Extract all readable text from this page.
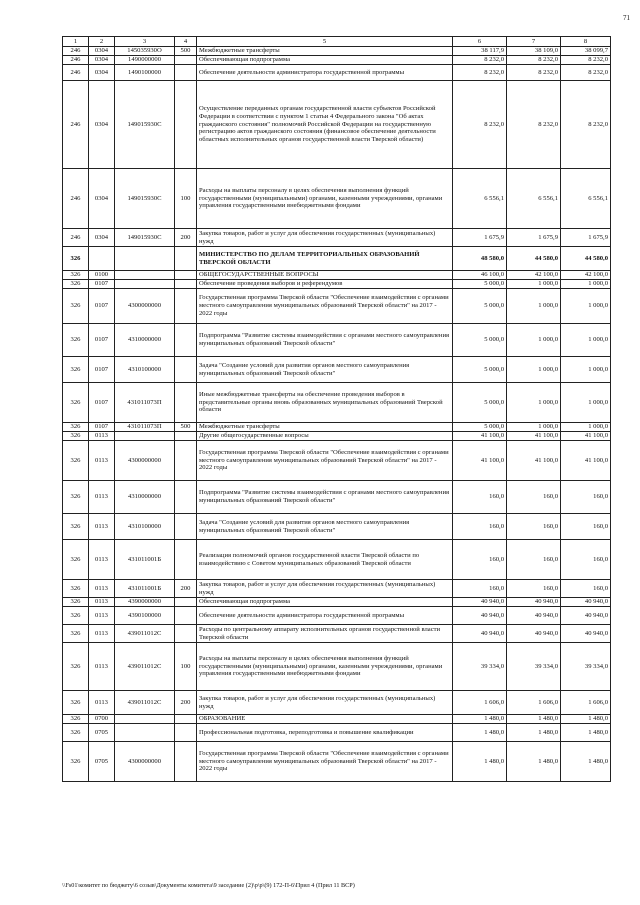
71
1	2	3	4	5	6	7	8
246	0304	145035930О	500	Межбюджетные трансферты	38 117,9	38 109,0	38 099,7
246	0304	1490000000		Обеспечивающая подпрограмма	8 232,0	8 232,0	8 232,0
246	0304	1490100000		Обеспечение деятельности администратора государственной программы	8 232,0	8 232,0	8 232,0
246	0304	149015930С		Осуществление переданных органам государственной власти субъектов Российской Федерации в соответствии с пунктом 1 статьи 4 Федерального закона "Об актах гражданского состояния" полномочий Российской Федерации на государственную регистрацию актов гражданского состояния (финансовое обеспечение деятельности областных исполнительных органов государственной власти Тверской области)	8 232,0	8 232,0	8 232,0
246	0304	149015930С	100	Расходы на выплаты персоналу в целях обеспечения выполнения функций государственными (муниципальными) органами, казенными учреждениями, органами управления государственными внебюджетными фондами	6 556,1	6 556,1	6 556,1
246	0304	149015930С	200	Закупка товаров, работ и услуг для обеспечения государственных (муниципальных) нужд	1 675,9	1 675,9	1 675,9
326				МИНИСТЕРСТВО ПО ДЕЛАМ ТЕРРИТОРИАЛЬНЫХ ОБРАЗОВАНИЙ ТВЕРСКОЙ ОБЛАСТИ	48 580,0	44 580,0	44 580,0
326	0100			ОБЩЕГОСУДАРСТВЕННЫЕ ВОПРОСЫ	46 100,0	42 100,0	42 100,0
326	0107			Обеспечение проведения выборов и референдумов	5 000,0	1 000,0	1 000,0
326	0107	4300000000		Государственная программа Тверской области "Обеспечение взаимодействия с органами местного самоуправления муниципальных образований Тверской области" на 2017 - 2022 годы	5 000,0	1 000,0	1 000,0
326	0107	4310000000		Подпрограмма "Развитие системы взаимодействия с органами местного самоуправления муниципальных образований Тверской области"	5 000,0	1 000,0	1 000,0
326	0107	4310100000		Задача "Создание условий для развития органов местного самоуправления муниципальных образований Тверской области"	5 000,0	1 000,0	1 000,0
326	0107	431011073П		Иные межбюджетные трансферты на обеспечение проведения выборов в представительные органы вновь образованных муниципальных образований Тверской области	5 000,0	1 000,0	1 000,0
326	0107	431011073П	500	Межбюджетные трансферты	5 000,0	1 000,0	1 000,0
326	0113			Другие общегосударственные вопросы	41 100,0	41 100,0	41 100,0
326	0113	4300000000		Государственная программа Тверской области "Обеспечение взаимодействия с органами местного самоуправления муниципальных образований Тверской области" на 2017 - 2022 годы	41 100,0	41 100,0	41 100,0
326	0113	4310000000		Подпрограмма "Развитие системы взаимодействия с органами местного самоуправления муниципальных образований Тверской области"	160,0	160,0	160,0
326	0113	4310100000		Задача "Создание условий для развития органов местного самоуправления муниципальных образований Тверской области"	160,0	160,0	160,0
326	0113	431011001Б		Реализация полномочий органов государственной власти Тверской области по взаимодействию с Советом муниципальных образований Тверской области	160,0	160,0	160,0
326	0113	431011001Б	200	Закупка товаров, работ и услуг для обеспечения государственных (муниципальных) нужд	160,0	160,0	160,0
326	0113	4390000000		Обеспечивающая подпрограмма	40 940,0	40 940,0	40 940,0
326	0113	4390100000		Обеспечение деятельности администратора государственной программы	40 940,0	40 940,0	40 940,0
326	0113	439011012С		Расходы по центральному аппарату исполнительных органов государственной власти Тверской области	40 940,0	40 940,0	40 940,0
326	0113	439011012С	100	Расходы на выплаты персоналу в целях обеспечения выполнения функций государственными (муниципальными) органами, казенными учреждениями, органами управления государственными внебюджетными фондами	39 334,0	39 334,0	39 334,0
326	0113	439011012С	200	Закупка товаров, работ и услуг для обеспечения государственных (муниципальных) нужд	1 606,0	1 606,0	1 606,0
326	0700			ОБРАЗОВАНИЕ	1 480,0	1 480,0	1 480,0
326	0705			Профессиональная подготовка, переподготовка и повышение квалификации	1 480,0	1 480,0	1 480,0
326	0705	4300000000		Государственная программа Тверской области "Обеспечение взаимодействия с органами местного самоуправления муниципальных образований Тверской области" на 2017 - 2022 годы	1 480,0	1 480,0	1 480,0
\\Fs01\комитет по бюджету\6 созыв\Документы комитета\9 заседание (2)\p\p\(9) 172-П-6\Прил 4 (Прил 11 ВСР)
